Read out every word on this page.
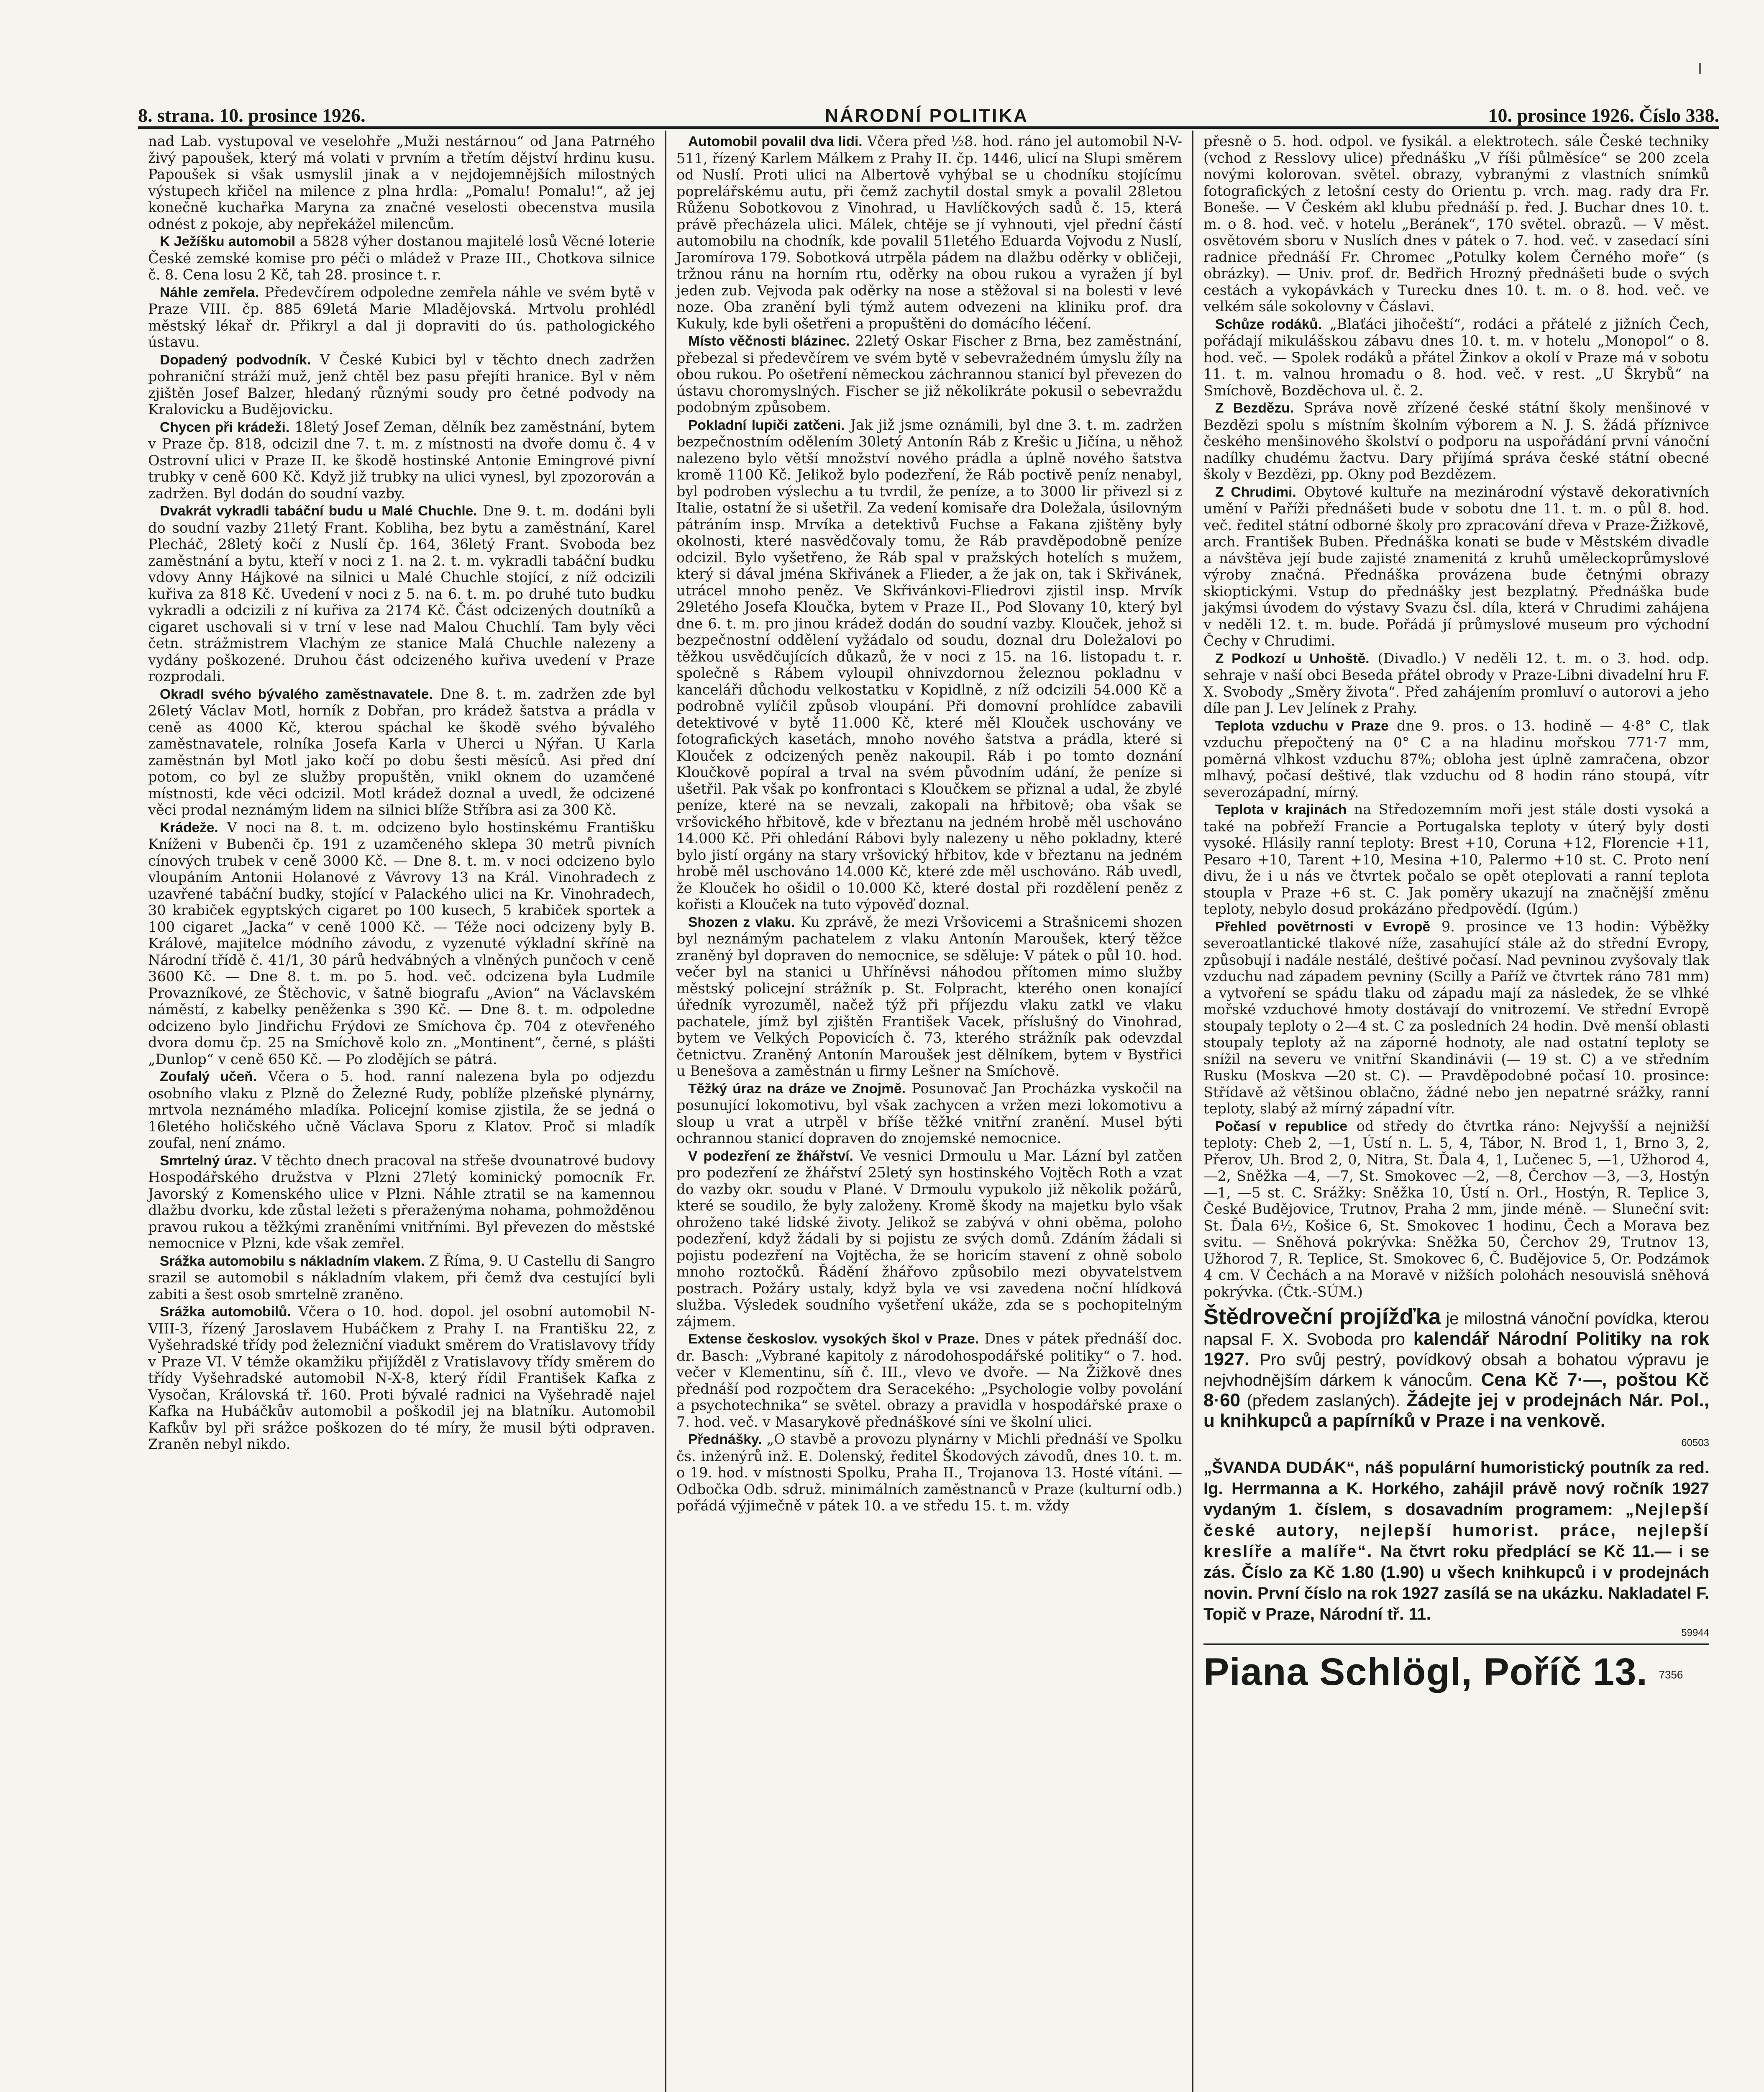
8. strana. 10. prosince 1926.	NÁRODNÍ POLITIKA	10. prosince 1926. Číslo 338.

nad Lab. vystupoval ve veselohře „Muži nestárnou“ od Jana Patrného živý papoušek, který má volati v prvním a třetím dějství hrdinu kusu. Papoušek si však usmyslil jinak a v nejdojemnějších milostných výstupech křičel na milence z plna hrdla: „Pomalu! Pomalu!“, až jej konečně kuchařka Maryna za značné veselosti obecenstva musila odnést z pokoje, aby nepřekážel milencům.

K Ježíšku automobil a 5828 výher dostanou majitelé losů Věcné loterie České zemské komise pro péči o mládež v Praze III., Chotkova silnice č. 8. Cena losu 2 Kč, tah 28. prosince t. r.

Náhle zemřela. Předevčírem odpoledne zemřela náhle ve svém bytě v Praze VIII. čp. 885 69letá Marie Mladějovská. Mrtvolu prohlédl městský lékař dr. Přikryl a dal ji dopraviti do ús. pathologického ústavu.

Dopadený podvodník. V České Kubici byl v těchto dnech zadržen pohraniční stráží muž, jenž chtěl bez pasu přejíti hranice. Byl v něm zjištěn Josef Balzer, hledaný různými soudy pro četné podvody na Kralovicku a Budějovicku.

Chycen při krádeži. 18letý Josef Zeman, dělník bez zaměstnání, bytem v Praze čp. 818, odcizil dne 7. t. m. z místnosti na dvoře domu č. 4 v Ostrovní ulici v Praze II. ke škodě hostinské Antonie Emingrové pivní trubky v ceně 600 Kč. Když již trubky na ulici vynesl, byl zpozorován a zadržen. Byl dodán do soudní vazby.

Dvakrát vykradli tabáční budu u Malé Chuchle. Dne 9. t. m. dodáni byli do soudní vazby 21letý Frant. Kobliha, bez bytu a zaměstnání, Karel Plecháč, 28letý kočí z Nuslí čp. 164, 36letý Frant. Svoboda bez zaměstnání a bytu, kteří v noci z 1. na 2. t. m. vykradli tabáční budku vdovy Anny Hájkové na silnici u Malé Chuchle stojící, z níž odcizili kuřiva za 818 Kč. Uvedení v noci z 5. na 6. t. m. po druhé tuto budku vykradli a odcizili z ní kuřiva za 2174 Kč. Část odcizených doutníků a cigaret uschovali si v trní v lese nad Malou Chuchlí. Tam byly věci četn. strážmistrem Vlachým ze stanice Malá Chuchle nalezeny a vydány poškozené. Druhou část odcizeného kuřiva uvedení v Praze rozprodali.

Okradl svého bývalého zaměstnavatele. Dne 8. t. m. zadržen zde byl 26letý Václav Motl, horník z Dobřan, pro krádež šatstva a prádla v ceně as 4000 Kč, kterou spáchal ke škodě svého bývalého zaměstnavatele, rolníka Josefa Karla v Uherci u Nýřan. U Karla zaměstnán byl Motl jako kočí po dobu šesti měsíců. Asi před dní potom, co byl ze služby propuštěn, vnikl oknem do uzamčené místnosti, kde věci odcizil. Motl krádež doznal a uvedl, že odcizené věci prodal neznámým lidem na silnici blíže Stříbra asi za 300 Kč.

Krádeže. V noci na 8. t. m. odcizeno bylo hostinskému Františku Kníženi v Bubenči čp. 191 z uzamčeného sklepa 30 metrů pivních cínových trubek v ceně 3000 Kč. — Dne 8. t. m. v noci odcizeno bylo vloupáním Antonii Holanové z Vávrovy 13 na Král. Vinohradech z uzavřené tabáční budky, stojící v Palackého ulici na Kr. Vinohradech, 30 krabiček egyptských cigaret po 100 kusech, 5 krabiček sportek a 100 cigaret „Jacka“ v ceně 1000 Kč. — Téže noci odcizeny byly B. Králové, majitelce módního závodu, z vyzenuté výkladní skříně na Národní třídě č. 41/1, 30 párů hedvábných a vlněných punčoch v ceně 3600 Kč. — Dne 8. t. m. po 5. hod. več. odcizena byla Ludmile Provazníkové, ze Štěchovic, v šatně biografu „Avion“ na Václavském náměstí, z kabelky peněženka s 390 Kč. — Dne 8. t. m. odpoledne odcizeno bylo Jindřichu Frýdovi ze Smíchova čp. 704 z otevřeného dvora domu čp. 25 na Smíchově kolo zn. „Montinent“, černé, s plášti „Dunlop“ v ceně 650 Kč. — Po zlodějích se pátrá.

Zoufalý učeň. Včera o 5. hod. ranní nalezena byla po odjezdu osobního vlaku z Plzně do Železné Rudy, poblíže plzeňské plynárny, mrtvola neznámého mladíka. Policejní komise zjistila, že se jedná o 16letého holičského učně Václava Sporu z Klatov. Proč si mladík zoufal, není známo.

Smrtelný úraz. V těchto dnech pracoval na střeše dvounatrové budovy Hospodářského družstva v Plzni 27letý kominický pomocník Fr. Javorský z Komenského ulice v Plzni. Náhle ztratil se na kamennou dlažbu dvorku, kde zůstal ležeti s přeraženýma nohama, pohmožděnou pravou rukou a těžkými zraněními vnitřními. Byl převezen do městské nemocnice v Plzni, kde však zemřel.

Srážka automobilu s nákladním vlakem. Z Říma, 9. U Castellu di Sangro srazil se automobil s nákladním vlakem, při čemž dva cestující byli zabiti a šest osob smrtelně zraněno.

Srážka automobilů. Včera o 10. hod. dopol. jel osobní automobil N-VIII-3, řízený Jaroslavem Hubáčkem z Prahy I. na Františku 22, z Vyšehradské třídy pod železniční viadukt směrem do Vratislavovy třídy v Praze VI. V témže okamžiku přijížděl z Vratislavovy třídy směrem do třídy Vyšehradské automobil N-X-8, který řídil František Kafka z Vysočan, Královská tř. 160. Proti bývalé radnici na Vyšehradě najel Kafka na Hubáčkův automobil a poškodil jej na blatníku. Automobil Kafkův byl při srážce poškozen do té míry, že musil býti odpraven. Zraněn nebyl nikdo.

Automobil povalil dva lidi. Včera před ½8. hod. ráno jel automobil N-V-511, řízený Karlem Málkem z Prahy II. čp. 1446, ulicí na Slupi směrem od Nuslí. Proti ulici na Albertově vyhýbal se u chodníku stojícímu poprelářskému autu, při čemž zachytil dostal smyk a povalil 28letou Růženu Sobotkovou z Vinohrad, u Havlíčkových sadů č. 15, která právě přecházela ulici. Málek, chtěje se jí vyhnouti, vjel přední částí automobilu na chodník, kde povalil 51letého Eduarda Vojvodu z Nuslí, Jaromírova 179. Sobotková utrpěla pádem na dlažbu oděrky v obličeji, tržnou ránu na horním rtu, oděrky na obou rukou a vyražen jí byl jeden zub. Vejvoda pak oděrky na nose a stěžoval si na bolesti v levé noze. Oba zranění byli týmž autem odvezeni na kliniku prof. dra Kukuly, kde byli ošetřeni a propuštěni do domácího léčení.

Místo věčnosti blázinec. 22letý Oskar Fischer z Brna, bez zaměstnání, přebezal si předevčírem ve svém bytě v sebevražedném úmyslu žíly na obou rukou. Po ošetření německou záchrannou stanicí byl převezen do ústavu choromyslných. Fischer se již několikráte pokusil o sebevraždu podobným způsobem.

Pokladní lupiči zatčeni. Jak již jsme oznámili, byl dne 3. t. m. zadržen bezpečnostním odělením 30letý Antonín Ráb z Krešic u Jičína, u něhož nalezeno bylo větší množství nového prádla a úplně nového šatstva kromě 1100 Kč. Jelikož bylo podezření, že Ráb poctivě peníz nenabyl, byl podroben výslechu a tu tvrdil, že peníze, a to 3000 lir přivezl si z Italie, ostatní že si ušetřil. Za vedení komisaře dra Doležala, úsilovným pátráním insp. Mrvíka a detektivů Fuchse a Fakana zjištěny byly okolnosti, které nasvědčovaly tomu, že Ráb pravděpodobně peníze odcizil. Bylo vyšetřeno, že Ráb spal v pražských hotelích s mužem, který si dával jména Skřivánek a Flieder, a že jak on, tak i Skřivánek, utrácel mnoho peněz. Ve Skřivánkovi-Fliedrovi zjistil insp. Mrvík 29letého Josefa Kloučka, bytem v Praze II., Pod Slovany 10, který byl dne 6. t. m. pro jinou krádež dodán do soudní vazby. Klouček, jehož si bezpečnostní oddělení vyžádalo od soudu, doznal dru Doležalovi po těžkou usvědčujících důkazů, že v noci z 15. na 16. listopadu t. r. společně s Rábem vyloupil ohnivzdornou železnou pokladnu v kanceláři důchodu velkostatku v Kopidlně, z níž odcizili 54.000 Kč a podrobně vylíčil způsob vloupání. Při domovní prohlídce zabavili detektivové v bytě 11.000 Kč, které měl Klouček uschovány ve fotografických kasetách, mnoho nového šatstva a prádla, které si Klouček z odcizených peněz nakoupil. Ráb i po tomto doznání Kloučkově popíral a trval na svém původním udání, že peníze si ušetřil. Pak však po konfrontaci s Kloučkem se přiznal a udal, že zbylé peníze, které na se nevzali, zakopali na hřbitově; oba však se vršovického hřbitově, kde v březtanu na jedném hrobě měl uschováno 14.000 Kč. Při ohledání Rábovi byly nalezeny u něho pokladny, které bylo jistí orgány na stary vršovický hřbitov, kde v březtanu na jedném hrobě měl uschováno 14.000 Kč, které zde měl uschováno. Ráb uvedl, že Klouček ho ošidil o 10.000 Kč, které dostal při rozdělení peněz z kořisti a Klouček na tuto výpověď doznal.

Shozen z vlaku. Ku zprávě, že mezi Vršovicemi a Strašnicemi shozen byl neznámým pachatelem z vlaku Antonín Maroušek, který těžce zraněný byl dopraven do nemocnice, se sděluje: V pátek o půl 10. hod. večer byl na stanici u Uhříněvsi náhodou přítomen mimo služby městský policejní strážník p. St. Folpracht, kterého onen konající úředník vyrozuměl, načež týž při příjezdu vlaku zatkl ve vlaku pachatele, jímž byl zjištěn František Vacek, příslušný do Vinohrad, bytem ve Velkých Popovicích č. 73, kterého strážník pak odevzdal četnictvu. Zraněný Antonín Maroušek jest dělníkem, bytem v Bystřici u Benešova a zaměstnán u firmy Lešner na Smíchově.

Těžký úraz na dráze ve Znojmě. Posunovač Jan Procházka vyskočil na posunující lokomotivu, byl však zachycen a vržen mezi lokomotivu a sloup u vrat a utrpěl v bříše těžké vnitřní zranění. Musel býti ochrannou stanicí dopraven do znojemské nemocnice.

V podezření ze žhářství. Ve vesnici Drmoulu u Mar. Lázní byl zatčen pro podezření ze žhářství 25letý syn hostinského Vojtěch Roth a vzat do vazby okr. soudu v Plané. V Drmoulu vypukolo již několik požárů, které se soudilo, že byly založeny. Kromě škody na majetku bylo však ohroženo také lidské životy. Jelikož se zabývá v ohni oběma, poloho podezření, když žádali by si pojistu ze svých domů. Zdáním žádali si pojistu podezření na Vojtěcha, že se horicím stavení z ohně sobolo mnoho roztočků. Řádění žhářovo způsobilo mezi obyvatelstvem postrach. Požáry ustaly, když byla ve vsi zavedena noční hlídková služba. Výsledek soudního vyšetření ukáže, zda se s pochopitelným zájmem.

Extense českoslov. vysokých škol v Praze. Dnes v pátek přednáší doc. dr. Basch: „Vybrané kapitoly z národohospodářské politiky“ o 7. hod. večer v Klementinu, síň č. III., vlevo ve dvoře. — Na Žižkově dnes přednáší pod rozpočtem dra Seracekého: „Psychologie volby povolání a psychotechnika“ se světel. obrazy a pravidla v hospodářské praxe o 7. hod. več. v Masarykově přednáškové síni ve školní ulici.

Přednášky. „O stavbě a provozu plynárny v Michli přednáší ve Spolku čs. inženýrů inž. E. Dolenský, ředitel Škodových závodů, dnes 10. t. m. o 19. hod. v místnosti Spolku, Praha II., Trojanova 13. Hosté vítáni. — Odbočka Odb. sdruž. minimálních zaměstnanců v Praze (kulturní odb.) pořádá výjimečně v pátek 10. a ve středu 15. t. m. vždy

přesně o 5. hod. odpol. ve fysikál. a elektrotech. sále České techniky (vchod z Resslovy ulice) přednášku „V říši půlměsíce“ se 200 zcela novými kolorovan. světel. obrazy, vybranými z vlastních snímků fotografických z letošní cesty do Orientu p. vrch. mag. rady dra Fr. Boneše. — V Českém akl klubu přednáší p. řed. J. Buchar dnes 10. t. m. o 8. hod. več. v hotelu „Beránek“, 170 světel. obrazů. — V měst. osvětovém sboru v Nuslích dnes v pátek o 7. hod. več. v zasedací síni radnice přednáší Fr. Chromec „Potulky kolem Černého moře“ (s obrázky). — Univ. prof. dr. Bedřich Hrozný přednášeti bude o svých cestách a vykopávkách v Turecku dnes 10. t. m. o 8. hod. več. ve velkém sále sokolovny v Čáslavi.

Schůze rodáků. „Blaťáci jihočeští“, rodáci a přátelé z jižních Čech, pořádají mikulášskou zábavu dnes 10. t. m. v hotelu „Monopol“ o 8. hod. več. — Spolek rodáků a přátel Žinkov a okolí v Praze má v sobotu 11. t. m. valnou hromadu o 8. hod. več. v rest. „U Škrybů“ na Smíchově, Bozděchova ul. č. 2.

Z Bezdězu. Správa nově zřízené české státní školy menšinové v Bezdězi spolu s místním školním výborem a N. J. S. žádá příznivce českého menšinového školství o podporu na uspořádání první vánoční nadílky chudému žactvu. Dary přijímá správa české státní obecné školy v Bezdězi, pp. Okny pod Bezdězem.

Z Chrudimi. Obytové kultuře na mezinárodní výstavě dekorativních umění v Paříži přednášeti bude v sobotu dne 11. t. m. o půl 8. hod. več. ředitel státní odborné školy pro zpracování dřeva v Praze-Žižkově, arch. František Buben. Přednáška konati se bude v Městském divadle a návštěva její bude zajisté znamenitá z kruhů uměleckoprůmyslové výroby značná. Přednáška provázena bude četnými obrazy skioptickými. Vstup do přednášky jest bezplatný. Přednáška bude jakýmsi úvodem do výstavy Svazu čsl. díla, která v Chrudimi zahájena v neděli 12. t. m. bude. Pořádá jí průmyslové museum pro východní Čechy v Chrudimi.

Z Podkozí u Unhoště. (Divadlo.) V neděli 12. t. m. o 3. hod. odp. sehraje v naší obci Beseda přátel obrody v Praze-Libni divadelní hru F. X. Svobody „Směry života“. Před zahájením promluví o autorovi a jeho díle pan J. Lev Jelínek z Prahy.

Teplota vzduchu v Praze dne 9. pros. o 13. hodině — 4·8° C, tlak vzduchu přepočtený na 0° C a na hladinu mořskou 771·7 mm, poměrná vlhkost vzduchu 87%; obloha jest úplně zamračena, obzor mlhavý, počasí deštivé, tlak vzduchu od 8 hodin ráno stoupá, vítr severozápadní, mírný.

Teplota v krajinách na Středozemním moři jest stále dosti vysoká a také na pobřeží Francie a Portugalska teploty v úterý byly dosti vysoké. Hlásily ranní teploty: Brest +10, Coruna +12, Florencie +11, Pesaro +10, Tarent +10, Mesina +10, Palermo +10 st. C. Proto není divu, že i u nás ve čtvrtek počalo se opět oteplovati a ranní teplota stoupla v Praze +6 st. C. Jak poměry ukazují na značnější změnu teploty, nebylo dosud prokázáno předpovědí. (Igúm.)

Přehled povětrnosti v Evropě 9. prosince ve 13 hodin: Výběžky severoatlantické tlakové níže, zasahující stále až do střední Evropy, způsobují i nadále nestálé, deštivé počasí. Nad pevninou zvyšovaly tlak vzduchu nad západem pevniny (Scilly a Paříž ve čtvrtek ráno 781 mm) a vytvoření se spádu tlaku od západu mají za následek, že se vlhké mořské vzduchové hmoty dostávají do vnitrozemí. Ve střední Evropě stoupaly teploty o 2—4 st. C za posledních 24 hodin. Dvě menší oblasti stoupaly teploty až na záporné hodnoty, ale nad ostatní teploty se snížil na severu ve vnitřní Skandinávii (— 19 st. C) a ve středním Rusku (Moskva —20 st. C). — Pravděpodobné počasí 10. prosince: Střídavě až většinou oblačno, žádné nebo jen nepatrné srážky, ranní teploty, slabý až mírný západní vítr.

Počasí v republice od středy do čtvrtka ráno: Nejvyšší a nejnižší teploty: Cheb 2, —1, Ústí n. L. 5, 4, Tábor, N. Brod 1, 1, Brno 3, 2, Přerov, Uh. Brod 2, 0, Nitra, St. Ďala 4, 1, Lučenec 5, —1, Užhorod 4, —2, Sněžka —4, —7, St. Smokovec —2, —8, Čerchov —3, —3, Hostýn —1, —5 st. C. Srážky: Sněžka 10, Ústí n. Orl., Hostýn, R. Teplice 3, České Budějovice, Trutnov, Praha 2 mm, jinde méně. — Sluneční svit: St. Ďala 6½, Košice 6, St. Smokovec 1 hodinu, Čech a Morava bez svitu. — Sněhová pokrývka: Sněžka 50, Čerchov 29, Trutnov 13, Užhorod 7, R. Teplice, St. Smokovec 6, Č. Budějovice 5, Or. Podzámok 4 cm. V Čechách a na Moravě v nižších polohách nesouvislá sněhová pokrývka. (Čtk.-SÚM.)

Štědroveční projížďka je milostná vánoční povídka, kterou napsal F. X. Svoboda pro kalendář Národní Politiky na rok 1927. Pro svůj pestrý, povídkový obsah a bohatou výpravu je nejvhodnějším dárkem k vánocům. Cena Kč 7·—, poštou Kč 8·60 (předem zaslaných). Žádejte jej v prodejnách Nár. Pol., u knihkupců a papírníků v Praze i na venkově.
60503
„ŠVANDA DUDÁK“, náš populární humoristický poutník za red. Ig. Herrmanna a K. Horkého, zahájil právě nový ročník 1927 vydaným 1. číslem, s dosavadním programem: „Nejlepší české autory, nejlepší humorist. práce, nejlepší kreslíře a malíře“. Na čtvrt roku předplácí se Kč 11.— i se zás. Číslo za Kč 1.80 (1.90) u všech knihkupců i v prodejnách novin. První číslo na rok 1927 zasílá se na ukázku. Nakladatel F. Topič v Praze, Národní tř. 11.
59944
Piana Schlögl, Poříč 13. 7356
